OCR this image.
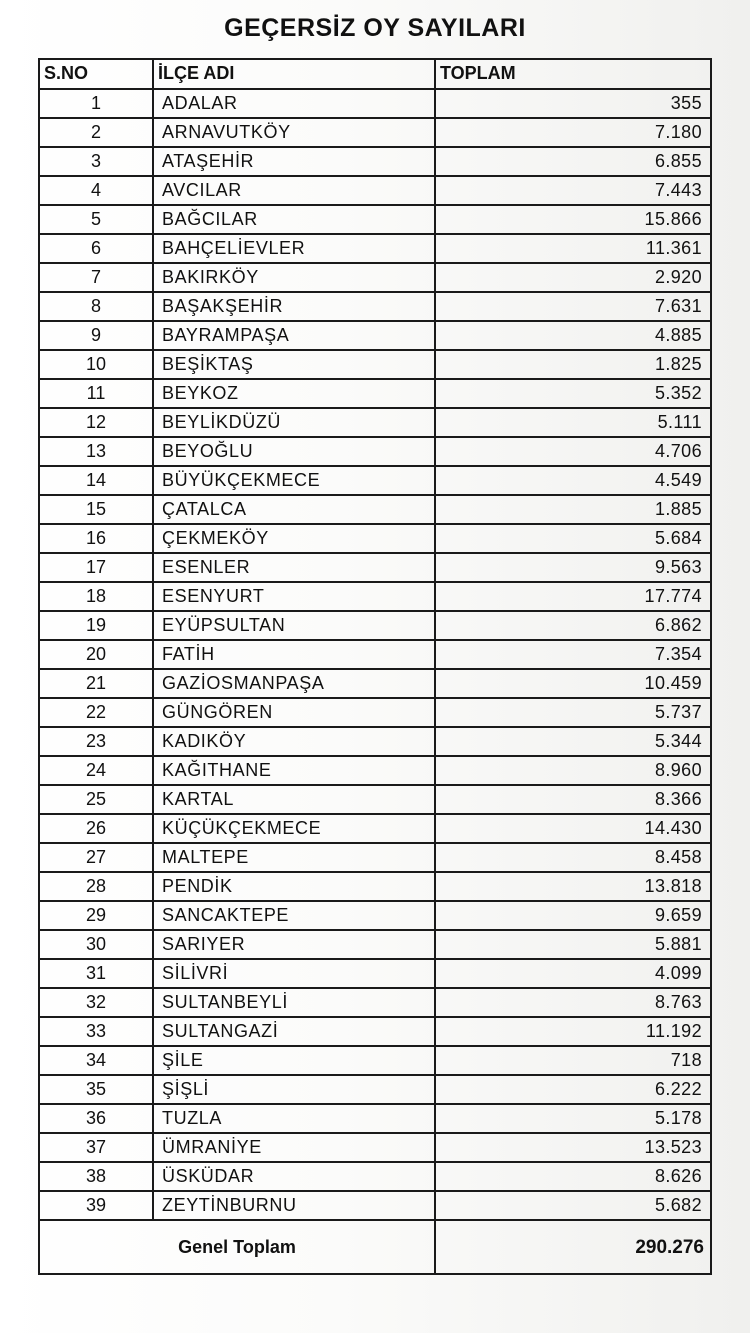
GEÇERSİZ OY SAYILARI
S.NO	İLÇE ADI	TOPLAM
1	ADALAR	355
2	ARNAVUTKÖY	7.180
3	ATAŞEHİR	6.855
4	AVCILAR	7.443
5	BAĞCILAR	15.866
6	BAHÇELİEVLER	11.361
7	BAKIRKÖY	2.920
8	BAŞAKŞEHİR	7.631
9	BAYRAMPAŞA	4.885
10	BEŞİKTAŞ	1.825
11	BEYKOZ	5.352
12	BEYLİKDÜZÜ	5.111
13	BEYOĞLU	4.706
14	BÜYÜKÇEKMECE	4.549
15	ÇATALCA	1.885
16	ÇEKMEKÖY	5.684
17	ESENLER	9.563
18	ESENYURT	17.774
19	EYÜPSULTAN	6.862
20	FATİH	7.354
21	GAZİOSMANPAŞA	10.459
22	GÜNGÖREN	5.737
23	KADIKÖY	5.344
24	KAĞITHANE	8.960
25	KARTAL	8.366
26	KÜÇÜKÇEKMECE	14.430
27	MALTEPE	8.458
28	PENDİK	13.818
29	SANCAKTEPE	9.659
30	SARIYER	5.881
31	SİLİVRİ	4.099
32	SULTANBEYLİ	8.763
33	SULTANGAZİ	11.192
34	ŞİLE	718
35	ŞİŞLİ	6.222
36	TUZLA	5.178
37	ÜMRANİYE	13.523
38	ÜSKÜDAR	8.626
39	ZEYTİNBURNU	5.682
Genel Toplam		290.276
